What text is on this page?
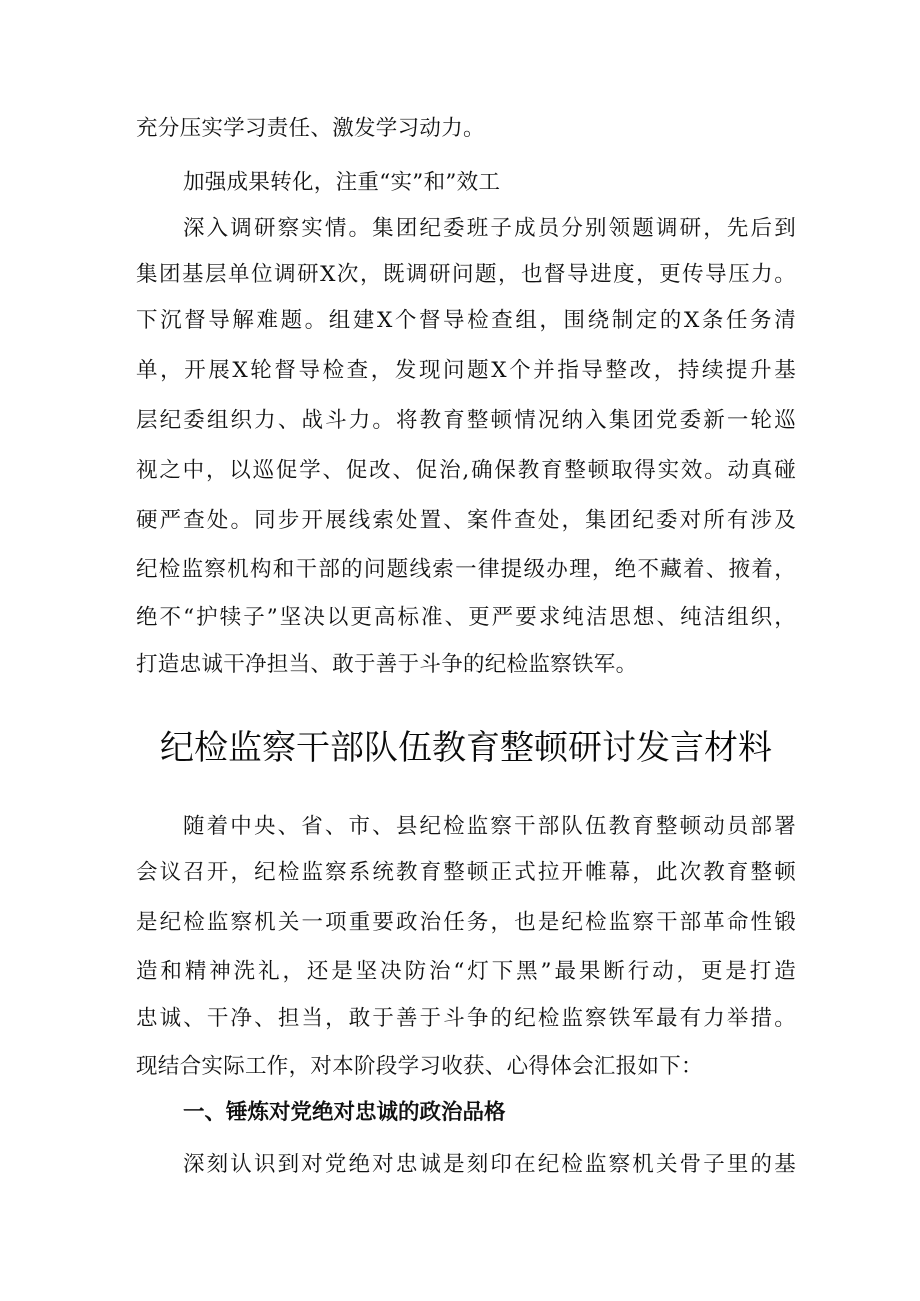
充分压实学习责任、激发学习动力。
加强成果转化，注重“实”和”效工
深入调研察实情。集团纪委班子成员分别领题调研，先后到
集团基层单位调研X次，既调研问题，也督导进度，更传导压力。
下沉督导解难题。组建X个督导检查组，围绕制定的X条任务清
单，开展X轮督导检查，发现问题X个并指导整改，持续提升基
层纪委组织力、战斗力。将教育整顿情况纳入集团党委新一轮巡
视之中，以巡促学、促改、促治,确保教育整顿取得实效。动真碰
硬严查处。同步开展线索处置、案件查处，集团纪委对所有涉及
纪检监察机构和干部的问题线索一律提级办理，绝不藏着、掖着，
绝不“护犊子”坚决以更高标准、更严要求纯洁思想、纯洁组织，
打造忠诚干净担当、敢于善于斗争的纪检监察铁军。
纪检监察干部队伍教育整顿研讨发言材料
随着中央、省、市、县纪检监察干部队伍教育整顿动员部署
会议召开，纪检监察系统教育整顿正式拉开帷幕，此次教育整顿
是纪检监察机关一项重要政治任务，也是纪检监察干部革命性锻
造和精神洗礼，还是坚决防治“灯下黑”最果断行动，更是打造
忠诚、干净、担当，敢于善于斗争的纪检监察铁军最有力举措。
现结合实际工作，对本阶段学习收获、心得体会汇报如下：
一、锤炼对党绝对忠诚的政治品格
深刻认识到对党绝对忠诚是刻印在纪检监察机关骨子里的基
